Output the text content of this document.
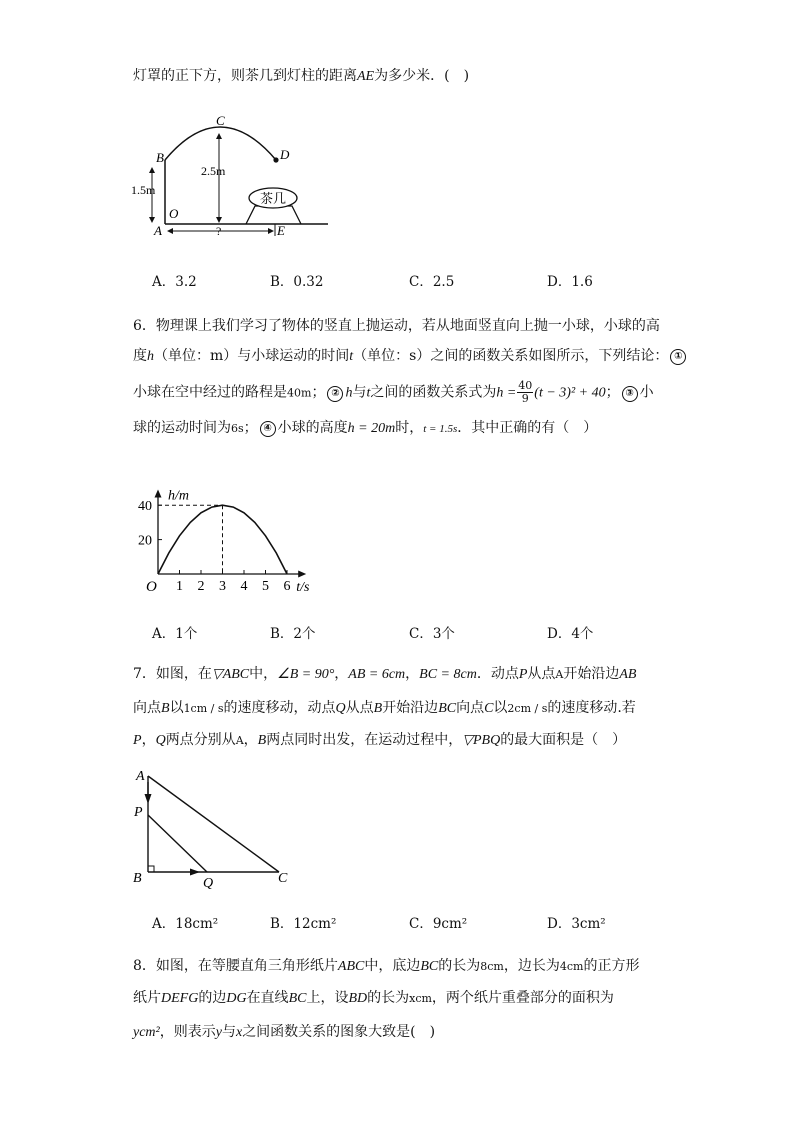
灯罩的正下方，则茶几到灯柱的距离AE为多少米．(　)
茶几
B
C
D
O
A	E
1.5m
2.5m
?
A．3.2	B．0.32	C．2.5	D．1.6
6．物理课上我们学习了物体的竖直上抛运动，若从地面竖直向上抛一小球，小球的高
度h（单位：m）与小球运动的时间t（单位：s）之间的函数关系如图所示，下列结论： ①
小球在空中经过的路程是40m； ② h与t之间的函数关系式为$h = \frac{40}{9} (t - 3)^2 + 40$； ③ 小
球的运动时间为6s； ④ 小球的高度h = 20m时，t = 1.5s．其中正确的有（　）
1 2 3 4 5 6
20
40
O	t/s
h/m
A．1个	B．2个	C．3个	D．4个
7．如图，在▽ABC中，∠B = 90°，AB = 6cm，BC = 8cm．动点P从点A开始沿边AB
向点B以1cm / s的速度移动，动点Q从点B开始沿边BC向点C以2cm / s的速度移动.若
P，Q两点分别从A，B两点同时出发，在运动过程中，▽PBQ的最大面积是（　）
A
P
B	Q	C
A．18cm²	B．12cm²	C．9cm²	D．3cm²
8．如图，在等腰直角三角形纸片ABC中，底边BC的长为8cm，边长为4cm的正方形
纸片DEFG的边DG在直线BC上，设BD的长为xcm，两个纸片重叠部分的面积为
ycm²，则表示y与x之间函数关系的图象大致是(　)
